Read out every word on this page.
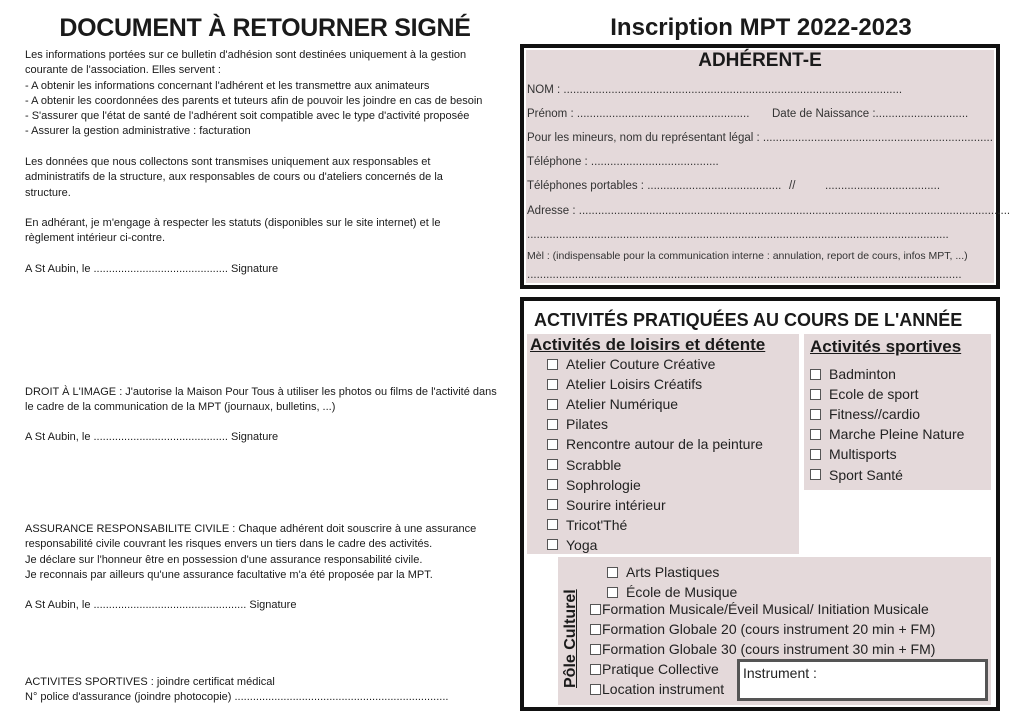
DOCUMENT À RETOURNER SIGNÉ
Les informations portées sur ce bulletin d'adhésion sont destinées uniquement à la gestion
courante de l'association. Elles servent :
- A obtenir les informations concernant l'adhérent et les transmettre aux animateurs
- A obtenir les coordonnées des parents et tuteurs afin de pouvoir les joindre en cas de besoin
- S'assurer que l'état de santé de l'adhérent soit compatible avec le type d'activité proposée
- Assurer la gestion administrative : facturation
Les données que nous collectons sont transmises uniquement aux responsables et
administratifs de la structure, aux responsables de cours ou d'ateliers concernés de la
structure.
En adhérant, je m'engage à respecter les statuts (disponibles sur le site internet) et le
règlement intérieur ci-contre.
A St Aubin, le ............................................ Signature
DROIT À L'IMAGE : J'autorise la Maison Pour Tous à utiliser les photos ou films de l'activité dans
le cadre de la communication de la MPT (journaux, bulletins, ...)
A St Aubin, le ............................................ Signature
ASSURANCE RESPONSABILITE CIVILE : Chaque adhérent doit souscrire à une assurance
responsabilité civile couvrant les risques envers un tiers dans le cadre des activités.
Je déclare sur l'honneur être en possession d'une assurance responsabilité civile.
Je reconnais par ailleurs qu'une assurance facultative m'a été proposée par la MPT.
A St Aubin, le .................................................. Signature
ACTIVITES SPORTIVES : joindre certificat médical
N° police d'assurance (joindre photocopie) ......................................................................
Inscription MPT 2022-2023
ADHÉRENT-E
NOM : ..........................................................................................................
Prénom : ...................................................... Date de Naissance :.............................
Pour les mineurs, nom du représentant légal : ........................................................................
Téléphone : ........................................
Téléphones portables : .......................................... //	....................................
Adresse : .......................................................................................................................................
....................................................................................................................................
Mèl : (indispensable pour la communication interne : annulation, report de cours, infos MPT, ...)
........................................................................................................................................
ACTIVITÉS PRATIQUÉES AU COURS DE L'ANNÉE
Activités de loisirs et détente
Atelier Couture Créative
Atelier Loisirs Créatifs
Atelier Numérique
Pilates
Rencontre autour de la peinture
Scrabble
Sophrologie
Sourire intérieur
Tricot'Thé
Yoga
Activités sportives
Badminton
Ecole de sport
Fitness//cardio
Marche Pleine Nature
Multisports
Sport Santé
Pôle Culturel
Arts Plastiques
École de Musique
Formation Musicale/Éveil Musical/ Initiation Musicale
Formation Globale 20 (cours instrument 20 min + FM)
Formation Globale 30 (cours instrument 30 min + FM)
Pratique Collective
Location instrument
Instrument :
